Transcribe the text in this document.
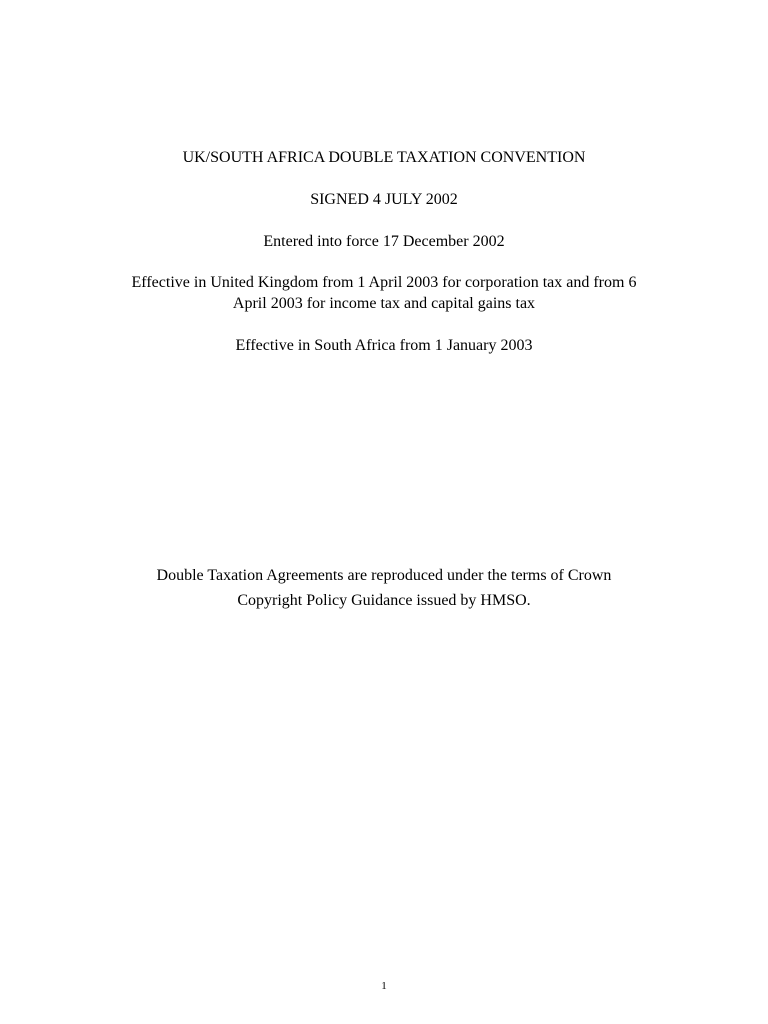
UK/SOUTH AFRICA DOUBLE TAXATION CONVENTION
SIGNED 4 JULY 2002
Entered into force 17 December 2002
Effective in United Kingdom from 1 April 2003 for corporation tax and from 6
April 2003 for income tax and capital gains tax
Effective in South Africa from 1 January 2003
Double Taxation Agreements are reproduced under the terms of Crown
Copyright Policy Guidance issued by HMSO.
1
